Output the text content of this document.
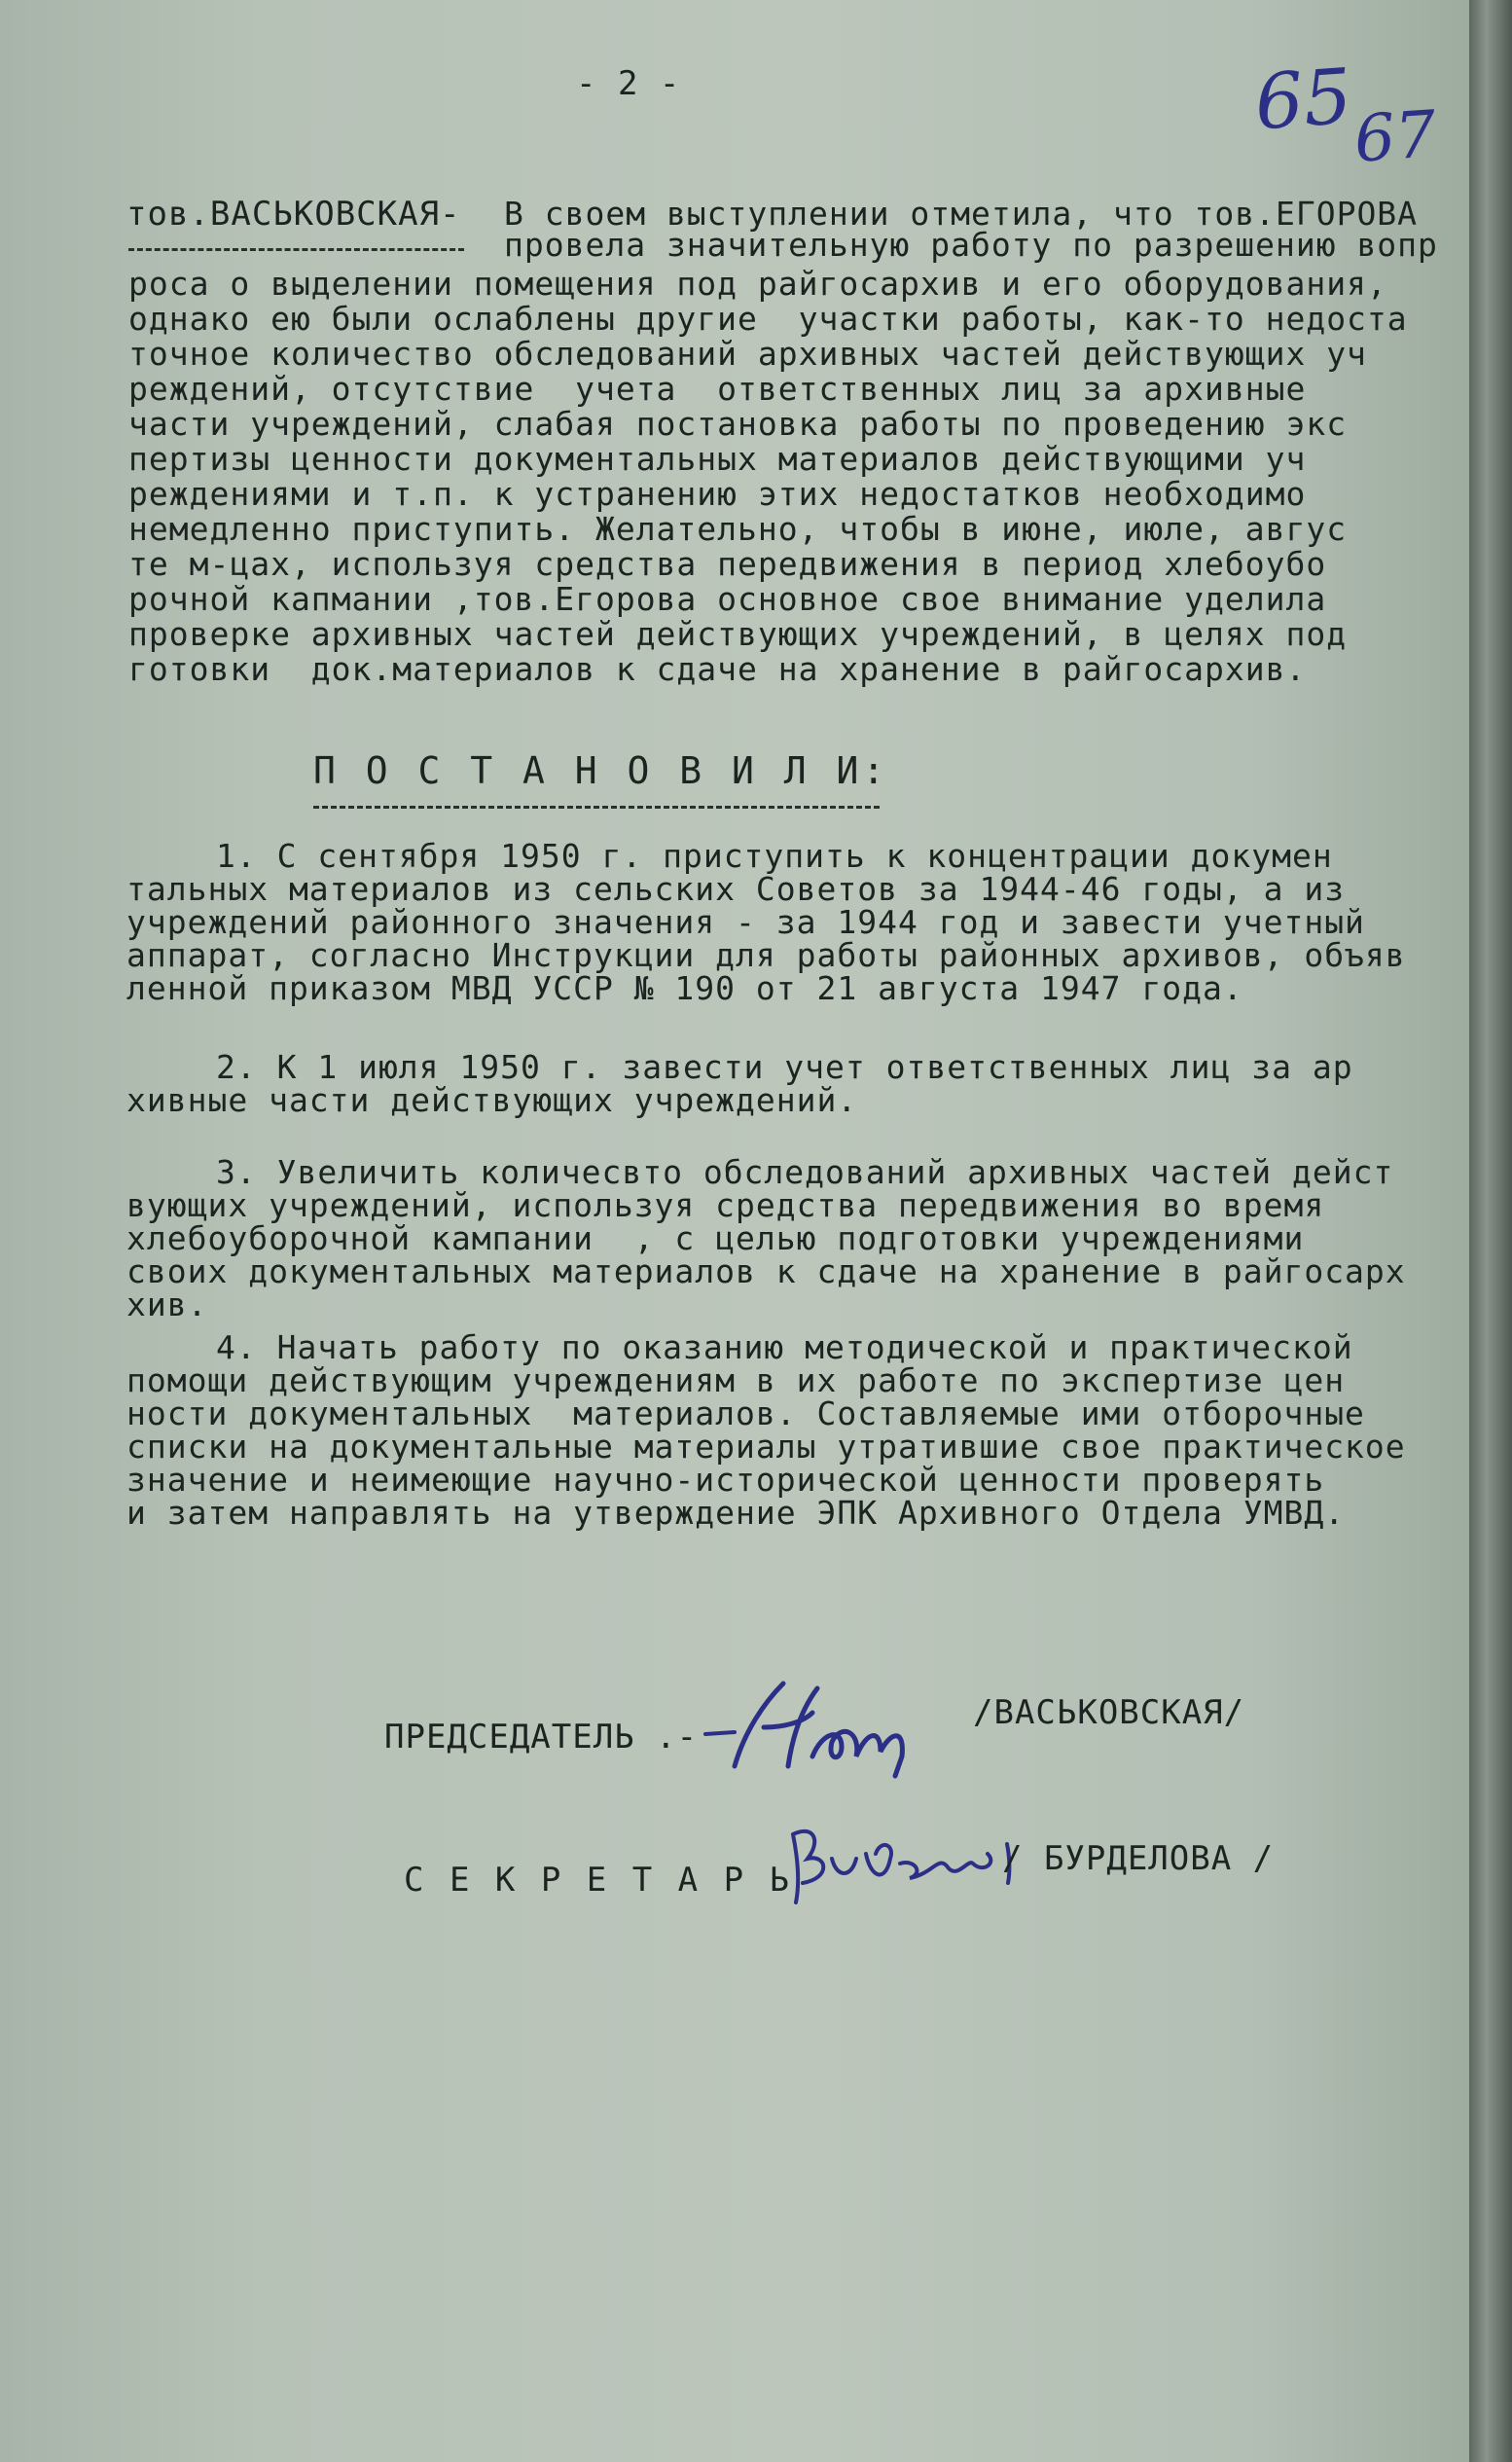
- 2 -	65
67
тов.ВАСЬКОВСКАЯ- В своем выступлении отметила, что тов.ЕГОРОВА
провела значительную работу по разрешению вопр
роса о выделении помещения под райгосархив и его оборудования,
однако ею были ослаблены другие  участки работы, как-то недоста
точное количество обследований архивных частей действующих уч
реждений, отсутствие  учета  ответственных лиц за архивные
части учреждений, слабая постановка работы по проведению экс
пертизы ценности документальных материалов действующими уч
реждениями и т.п. к устранению этих недостатков необходимо
немедленно приступить. Желательно, чтобы в июне, июле, авгус
те м-цах, используя средства передвижения в период хлебоубо
рочной капмании ,тов.Егорова основное свое внимание уделила
проверке архивных частей действующих учреждений, в целях под
готовки  док.материалов к сдаче на хранение в райгосархив.
П О С Т А Н О В И Л И:
1. С сентября 1950 г. приступить к концентрации докумен
тальных материалов из сельских Советов за 1944-46 годы, а из
учреждений районного значения - за 1944 год и завести учетный
аппарат, согласно Инструкции для работы районных архивов, объяв
ленной приказом МВД УССР № 190 от 21 августа 1947 года.
2. К 1 июля 1950 г. завести учет ответственных лиц за ар
хивные части действующих учреждений.
3. Увеличить количесвто обследований архивных частей дейст
вующих учреждений, используя средства передвижения во время
хлебоуборочной кампании  , с целью подготовки учреждениями
своих документальных материалов к сдаче на хранение в райгосарх
хив.
4. Начать работу по оказанию методической и практической
помощи действующим учреждениям в их работе по экспертизе цен
ности документальных  материалов. Составляемые ими отборочные
списки на документальные материалы утратившие свое практическое
значение и неимеющие научно-исторической ценности проверять
и затем направлять на утверждение ЭПК Архивного Отдела УМВД.
ПРЕДСЕДАТЕЛЬ .-
/ВАСЬКОВСКАЯ/
С Е К Р Е Т А Р Ь
/ БУРДЕЛОВА /
